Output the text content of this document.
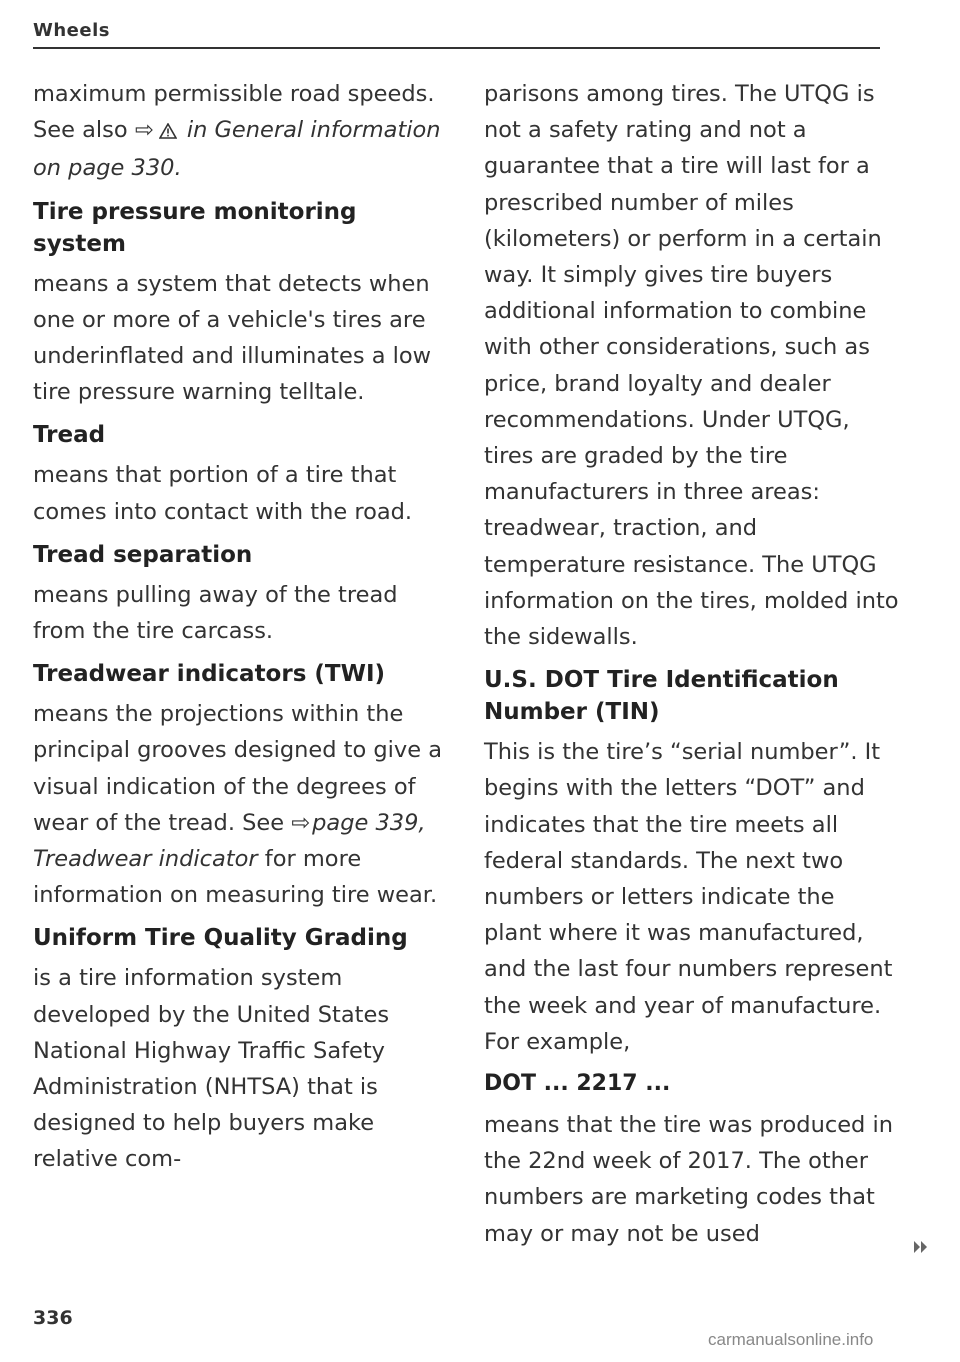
Wheels

maximum permissible road speeds. See also ⇨ in General information on page 330.

Tire pressure monitoring system

means a system that detects when one or more of a vehicle's tires are underinflated and illuminates a low tire pressure warning telltale.

Tread

means that portion of a tire that comes into contact with the road.

Tread separation

means pulling away of the tread from the tire carcass.

Treadwear indicators (TWI)

means the projections within the principal grooves designed to give a visual indication of the degrees of wear of the tread. See ⇨page 339, Treadwear indicator for more information on measuring tire wear.

Uniform Tire Quality Grading

is a tire information system developed by the United States National Highway Traffic Safety Administration (NHTSA) that is designed to help buyers make relative com-

parisons among tires. The UTQG is not a safety rating and not a guarantee that a tire will last for a prescribed number of miles (kilometers) or perform in a certain way. It simply gives tire buyers additional information to combine with other considerations, such as price, brand loyalty and dealer recommendations. Under UTQG, tires are graded by the tire manufacturers in three areas: treadwear, traction, and temperature resistance. The UTQG information on the tires, molded into the sidewalls.

U.S. DOT Tire Identification Number (TIN)

This is the tire’s “serial number”. It begins with the letters “DOT” and indicates that the tire meets all federal standards. The next two numbers or letters indicate the plant where it was manufactured, and the last four numbers represent the week and year of manufacture. For example,

DOT ... 2217 ...

means that the tire was produced in the 22nd week of 2017. The other numbers are marketing codes that may or may not be used

336
carmanualsonline.info
